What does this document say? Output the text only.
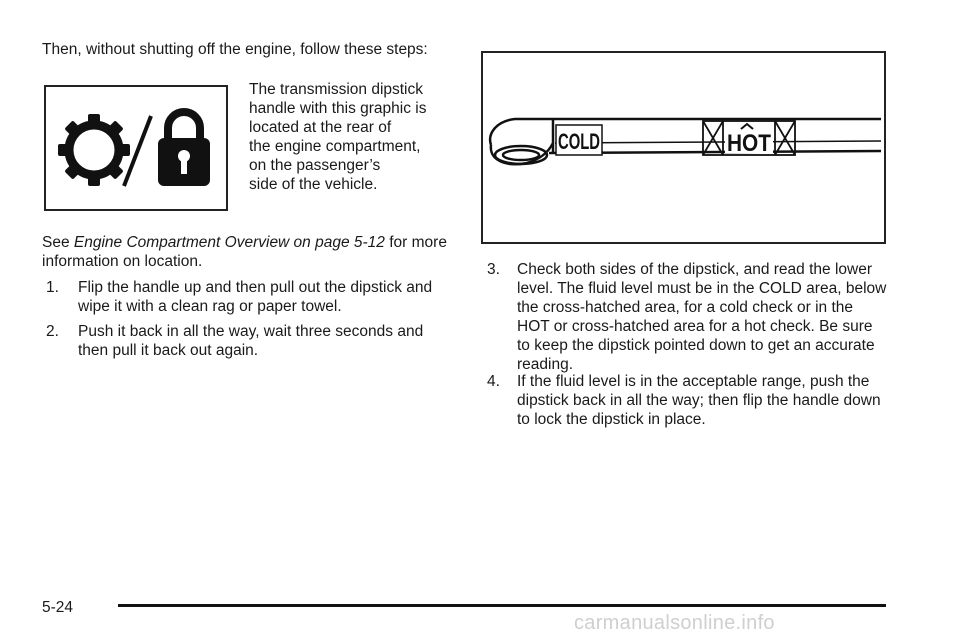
Then, without shutting off the engine, follow these steps:
The transmission dipstick
handle with this graphic is
located at the rear of
the engine compartment,
on the passenger’s
side of the vehicle.
See Engine Compartment Overview on page 5-12 for more information on location.
1. Flip the handle up and then pull out the dipstick and wipe it with a clean rag or paper towel.
2. Push it back in all the way, wait three seconds and then pull it back out again.
COLD	HOT
3. Check both sides of the dipstick, and read the lower level. The fluid level must be in the COLD area, below the cross-hatched area, for a cold check or in the HOT or cross-hatched area for a hot check. Be sure to keep the dipstick pointed down to get an accurate reading.
4. If the fluid level is in the acceptable range, push the dipstick back in all the way; then flip the handle down to lock the dipstick in place.
5-24
carmanualsonline.info
